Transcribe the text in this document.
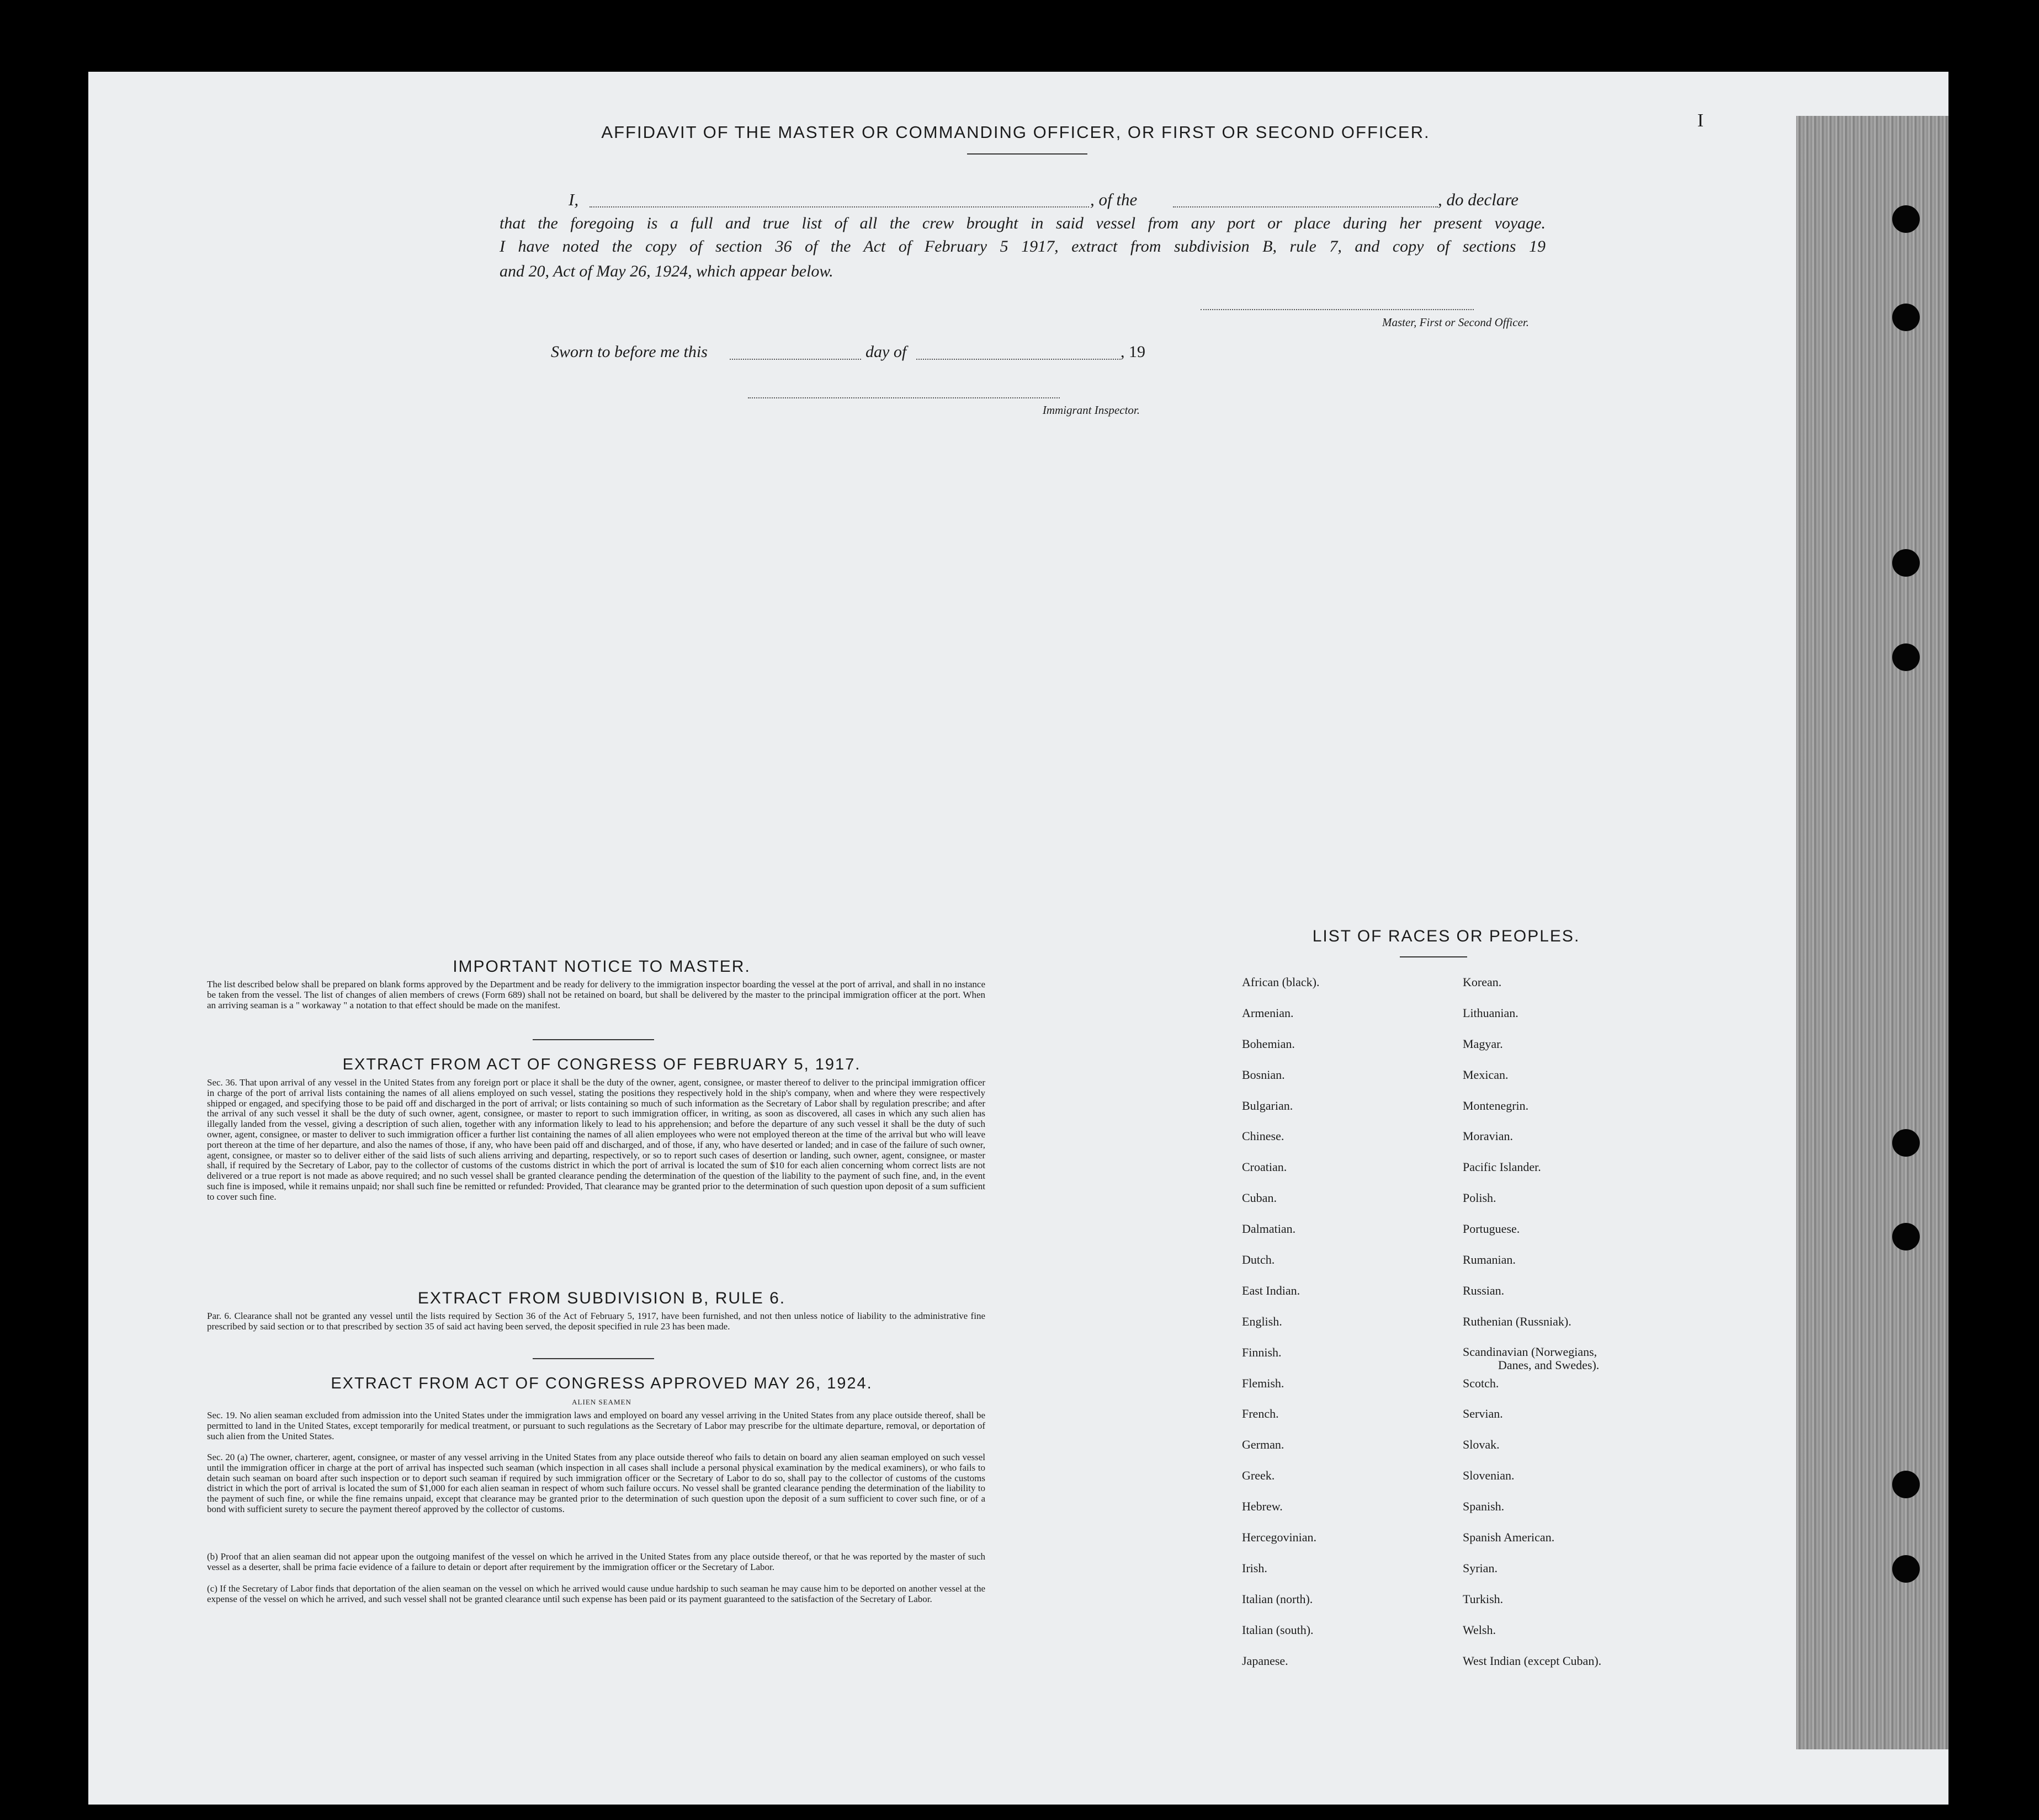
I
AFFIDAVIT OF THE MASTER OR COMMANDING OFFICER, OR FIRST OR SECOND OFFICER.
I,	, of the	, do declare
that the foregoing is a full and true list of all the crew brought in said vessel from any port or place during her present voyage.
I have noted the copy of section 36 of the Act of February 5 1917, extract from subdivision B, rule 7, and copy of sections 19
and 20, Act of May 26, 1924, which appear below.
Master, First or Second Officer.
Sworn to before me this	day of	, 19
Immigrant Inspector.
IMPORTANT NOTICE TO MASTER.
The list described below shall be prepared on blank forms approved by the Department and be ready for delivery to the immigration inspector boarding the vessel at the port of arrival, and shall in no instance be taken from the vessel. The list of changes of alien members of crews (Form 689) shall not be retained on board, but shall be delivered by the master to the principal immigration officer at the port. When an arriving seaman is a " workaway " a notation to that effect should be made on the manifest.
EXTRACT FROM ACT OF CONGRESS OF FEBRUARY 5, 1917.
Sec. 36. That upon arrival of any vessel in the United States from any foreign port or place it shall be the duty of the owner, agent, consignee, or master thereof to deliver to the principal immigration officer in charge of the port of arrival lists containing the names of all aliens employed on such vessel, stating the positions they respectively hold in the ship's company, when and where they were respectively shipped or engaged, and specifying those to be paid off and discharged in the port of arrival; or lists containing so much of such information as the Secretary of Labor shall by regulation prescribe; and after the arrival of any such vessel it shall be the duty of such owner, agent, consignee, or master to report to such immigration officer, in writing, as soon as discovered, all cases in which any such alien has illegally landed from the vessel, giving a description of such alien, together with any information likely to lead to his apprehension; and before the departure of any such vessel it shall be the duty of such owner, agent, consignee, or master to deliver to such immigration officer a further list containing the names of all alien employees who were not employed thereon at the time of the arrival but who will leave port thereon at the time of her departure, and also the names of those, if any, who have been paid off and discharged, and of those, if any, who have deserted or landed; and in case of the failure of such owner, agent, consignee, or master so to deliver either of the said lists of such aliens arriving and departing, respectively, or so to report such cases of desertion or landing, such owner, agent, consignee, or master shall, if required by the Secretary of Labor, pay to the collector of customs of the customs district in which the port of arrival is located the sum of $10 for each alien concerning whom correct lists are not delivered or a true report is not made as above required; and no such vessel shall be granted clearance pending the determination of the question of the liability to the payment of such fine, and, in the event such fine is imposed, while it remains unpaid; nor shall such fine be remitted or refunded: Provided, That clearance may be granted prior to the determination of such question upon deposit of a sum sufficient to cover such fine.
EXTRACT FROM SUBDIVISION B, RULE 6.
Par. 6. Clearance shall not be granted any vessel until the lists required by Section 36 of the Act of February 5, 1917, have been furnished, and not then unless notice of liability to the administrative fine prescribed by said section or to that prescribed by section 35 of said act having been served, the deposit specified in rule 23 has been made.
EXTRACT FROM ACT OF CONGRESS APPROVED MAY 26, 1924.
ALIEN SEAMEN
Sec. 19. No alien seaman excluded from admission into the United States under the immigration laws and employed on board any vessel arriving in the United States from any place outside thereof, shall be permitted to land in the United States, except temporarily for medical treatment, or pursuant to such regulations as the Secretary of Labor may prescribe for the ultimate departure, removal, or deportation of such alien from the United States.
Sec. 20 (a) The owner, charterer, agent, consignee, or master of any vessel arriving in the United States from any place outside thereof who fails to detain on board any alien seaman employed on such vessel until the immigration officer in charge at the port of arrival has inspected such seaman (which inspection in all cases shall include a personal physical examination by the medical examiners), or who fails to detain such seaman on board after such inspection or to deport such seaman if required by such immigration officer or the Secretary of Labor to do so, shall pay to the collector of customs of the customs district in which the port of arrival is located the sum of $1,000 for each alien seaman in respect of whom such failure occurs. No vessel shall be granted clearance pending the determination of the liability to the payment of such fine, or while the fine remains unpaid, except that clearance may be granted prior to the determination of such question upon the deposit of a sum sufficient to cover such fine, or of a bond with sufficient surety to secure the payment thereof approved by the collector of customs.
(b) Proof that an alien seaman did not appear upon the outgoing manifest of the vessel on which he arrived in the United States from any place outside thereof, or that he was reported by the master of such vessel as a deserter, shall be prima facie evidence of a failure to detain or deport after requirement by the immigration officer or the Secretary of Labor.
(c) If the Secretary of Labor finds that deportation of the alien seaman on the vessel on which he arrived would cause undue hardship to such seaman he may cause him to be deported on another vessel at the expense of the vessel on which he arrived, and such vessel shall not be granted clearance until such expense has been paid or its payment guaranteed to the satisfaction of the Secretary of Labor.
LIST OF RACES OR PEOPLES.
African (black).
Armenian.
Bohemian.
Bosnian.
Bulgarian.
Chinese.
Croatian.
Cuban.
Dalmatian.
Dutch.
East Indian.
English.
Finnish.
Flemish.
French.
German.
Greek.
Hebrew.
Hercegovinian.
Irish.
Italian (north).
Italian (south).
Japanese.
Korean.
Lithuanian.
Magyar.
Mexican.
Montenegrin.
Moravian.
Pacific Islander.
Polish.
Portuguese.
Rumanian.
Russian.
Ruthenian (Russniak).
Scandinavian (Norwegians,
Danes, and Swedes).
Scotch.
Servian.
Slovak.
Slovenian.
Spanish.
Spanish American.
Syrian.
Turkish.
Welsh.
West Indian (except Cuban).
